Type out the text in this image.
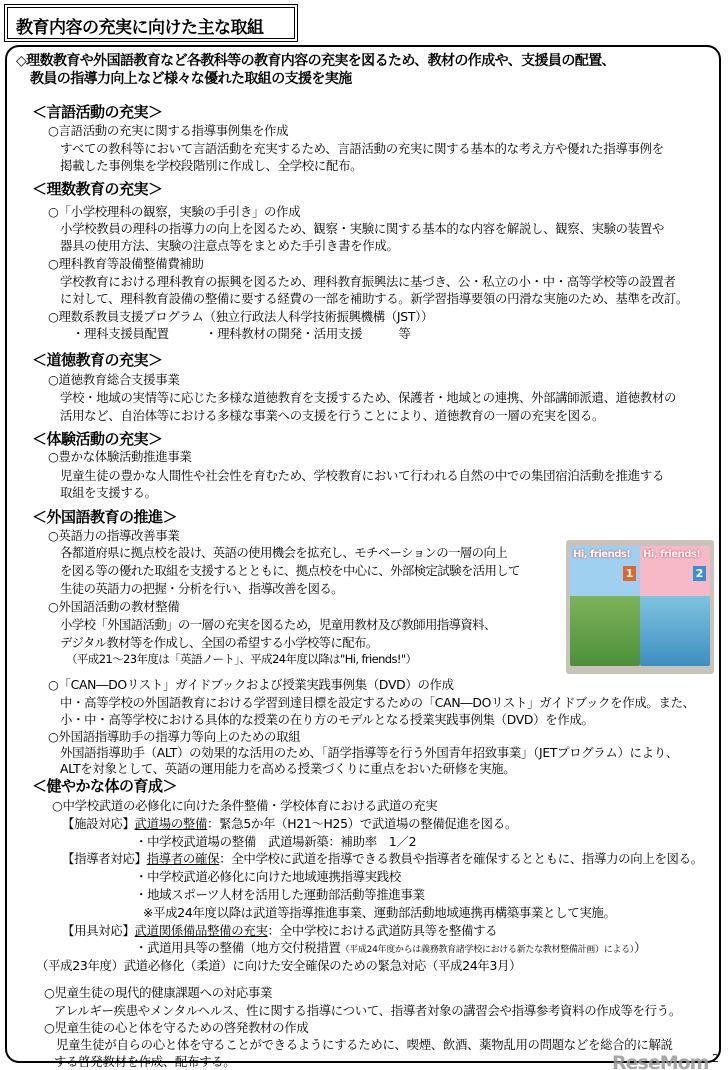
教育内容の充実に向けた主な取組
◇理数教育や外国語教育など各教科等の教育内容の充実を図るため、教材の作成や、支援員の配置、
教員の指導力向上など様々な優れた取組の支援を実施
＜言語活動の充実＞
○言語活動の充実に関する指導事例集を作成
すべての教科等において言語活動を充実するため、言語活動の充実に関する基本的な考え方や優れた指導事例を
掲載した事例集を学校段階別に作成し、全学校に配布。
＜理数教育の充実＞
○「小学校理科の観察，実験の手引き」の作成
小学校教員の理科の指導力の向上を図るため、観察・実験に関する基本的な内容を解説し、観察、実験の装置や
器具の使用方法、実験の注意点等をまとめた手引き書を作成。
○理科教育等設備整備費補助
学校教育における理科教育の振興を図るため、理科教育振興法に基づき、公・私立の小・中・高等学校等の設置者
に対して、理科教育設備の整備に要する経費の一部を補助する。新学習指導要領の円滑な実施のため、基準を改訂。
○理数系教員支援プログラム（独立行政法人科学技術振興機構（JST））
・理科支援員配置　　　・理科教材の開発・活用支援　　　等
＜道徳教育の充実＞
○道徳教育総合支援事業
学校・地域の実情等に応じた多様な道徳教育を支援するため、保護者・地域との連携、外部講師派遣、道徳教材の
活用など、自治体等における多様な事業への支援を行うことにより、道徳教育の一層の充実を図る。
＜体験活動の充実＞
○豊かな体験活動推進事業
児童生徒の豊かな人間性や社会性を育むため、学校教育において行われる自然の中での集団宿泊活動を推進する
取組を支援する。
＜外国語教育の推進＞
○英語力の指導改善事業
各都道府県に拠点校を設け、英語の使用機会を拡充し、モチベーションの一層の向上
を図る等の優れた取組を支援するとともに、拠点校を中心に、外部検定試験を活用して
生徒の英語力の把握・分析を行い、指導改善を図る。
○外国語活動の教材整備
小学校「外国語活動」の一層の充実を図るため，児童用教材及び教師用指導資料、
デジタル教材等を作成し、全国の希望する小学校等に配布。
（平成21～23年度は「英語ノート」、平成24年度以降は"Hi, friends!"）
○「CAN―DOリスト」ガイドブックおよび授業実践事例集（DVD）の作成
中・高等学校の外国語教育における学習到達目標を設定するための「CAN―DOリスト」ガイドブックを作成。また、
小・中・高等学校における具体的な授業の在り方のモデルとなる授業実践事例集（DVD）を作成。
○外国語指導助手の指導力等向上のための取組
外国語指導助手（ALT）の効果的な活用のため、「語学指導等を行う外国青年招致事業」（JETプログラム）により、
ALTを対象として、英語の運用能力を高める授業づくりに重点をおいた研修を実施。
Hi, friends!
1
Hi, friends!
2
＜健やかな体の育成＞
○中学校武道の必修化に向けた条件整備・学校体育における武道の充実
【施設対応】武道場の整備：緊急5か年（H21～H25）で武道場の整備促進を図る。
・中学校武道場の整備　武道場新築：補助率　1／2
【指導者対応】指導者の確保：全中学校に武道を指導できる教員や指導者を確保するとともに、指導力の向上を図る。
・中学校武道必修化に向けた地域連携指導実践校
・地域スポーツ人材を活用した運動部活動等推進事業
※平成24年度以降は武道等指導推進事業、運動部活動地域連携再構築事業として実施。
【用具対応】武道関係備品整備の充実：全中学校における武道防具等を整備する
・武道用具等の整備（地方交付税措置（平成24年度からは義務教育諸学校における新たな教材整備計画）による））
（平成23年度）武道必修化（柔道）に向けた安全確保のための緊急対応（平成24年3月）
○児童生徒の現代的健康課題への対応事業
アレルギー疾患やメンタルヘルス、性に関する指導について、指導者対象の講習会や指導参考資料の作成等を行う。
○児童生徒の心と体を守るための啓発教材の作成
児童生徒が自らの心と体を守ることができるようにするために、喫煙、飲酒、薬物乱用の問題などを総合的に解説
する啓発教材を作成、配布する。	ReseMom 2
